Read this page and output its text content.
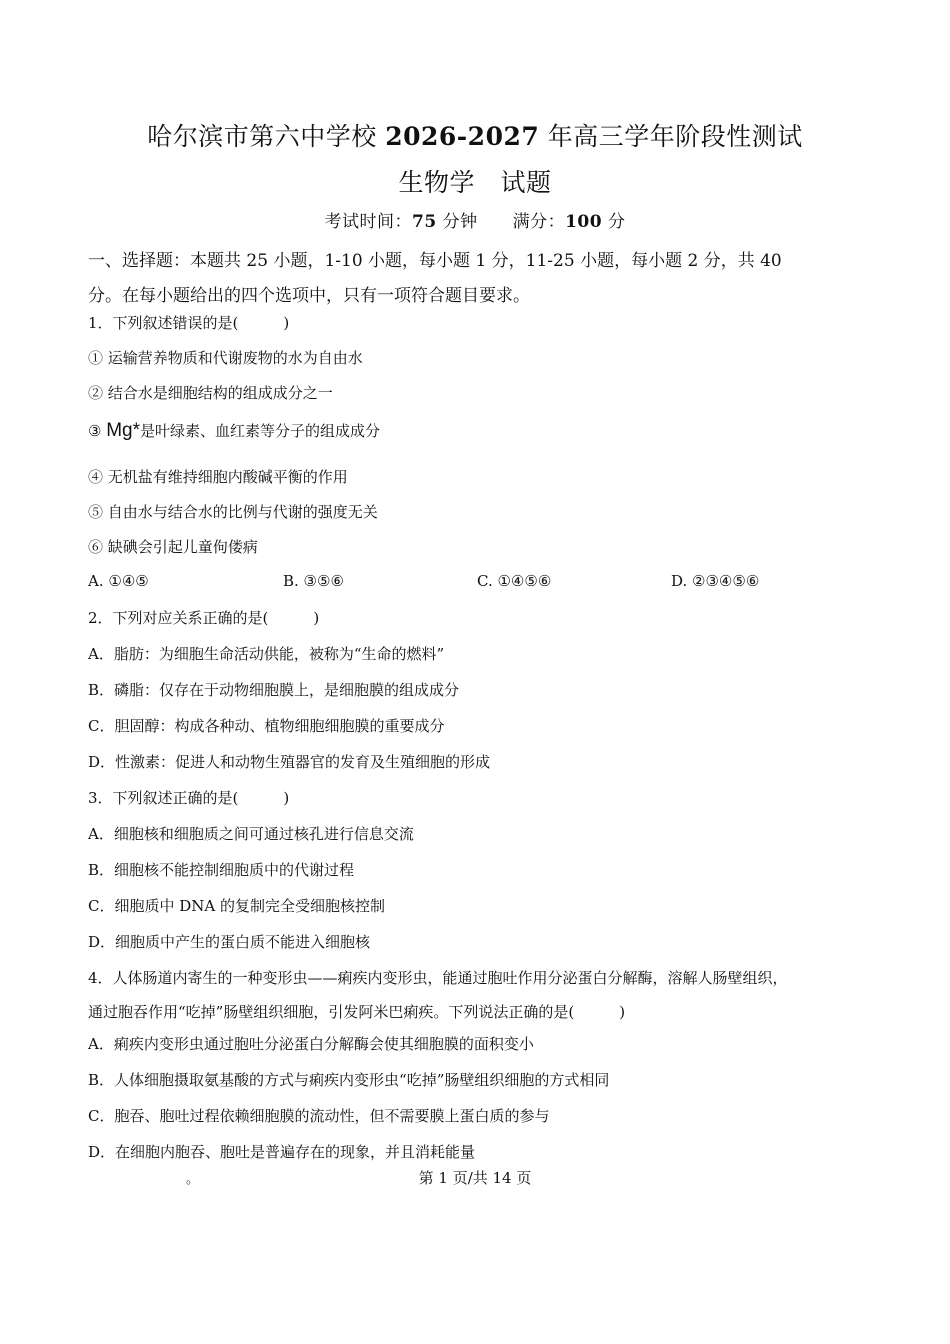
哈尔滨市第六中学校 2026-2027 年高三学年阶段性测试
生物学　试题
考试时间：75 分钟　　满分：100 分
一、选择题：本题共 25 小题，1-10 小题，每小题 1 分，11-25 小题，每小题 2 分，共 40
分。在每小题给出的四个选项中，只有一项符合题目要求。
1．下列叙述错误的是(　　　)
① 运输营养物质和代谢废物的水为自由水
② 结合水是细胞结构的组成成分之一
③ Mg*是叶绿素、血红素等分子的组成成分
④ 无机盐有维持细胞内酸碱平衡的作用
⑤ 自由水与结合水的比例与代谢的强度无关
⑥ 缺碘会引起儿童佝偻病
A. ①④⑤	B. ③⑤⑥	C. ①④⑤⑥	D. ②③④⑤⑥
2．下列对应关系正确的是(　　　)
A．脂肪：为细胞生命活动供能，被称为“生命的燃料”
B．磷脂：仅存在于动物细胞膜上，是细胞膜的组成成分
C．胆固醇：构成各种动、植物细胞细胞膜的重要成分
D．性激素：促进人和动物生殖器官的发育及生殖细胞的形成
3．下列叙述正确的是(　　　)
A．细胞核和细胞质之间可通过核孔进行信息交流
B．细胞核不能控制细胞质中的代谢过程
C．细胞质中 DNA 的复制完全受细胞核控制
D．细胞质中产生的蛋白质不能进入细胞核
4．人体肠道内寄生的一种变形虫——痢疾内变形虫，能通过胞吐作用分泌蛋白分解酶，溶解人肠壁组织，
通过胞吞作用“吃掉”肠壁组织细胞，引发阿米巴痢疾。下列说法正确的是(　　　)
A．痢疾内变形虫通过胞吐分泌蛋白分解酶会使其细胞膜的面积变小
B．人体细胞摄取氨基酸的方式与痢疾内变形虫“吃掉”肠壁组织细胞的方式相同
C．胞吞、胞吐过程依赖细胞膜的流动性，但不需要膜上蛋白质的参与
D．在细胞内胞吞、胞吐是普遍存在的现象，并且消耗能量
。	第 1 页/共 14 页
